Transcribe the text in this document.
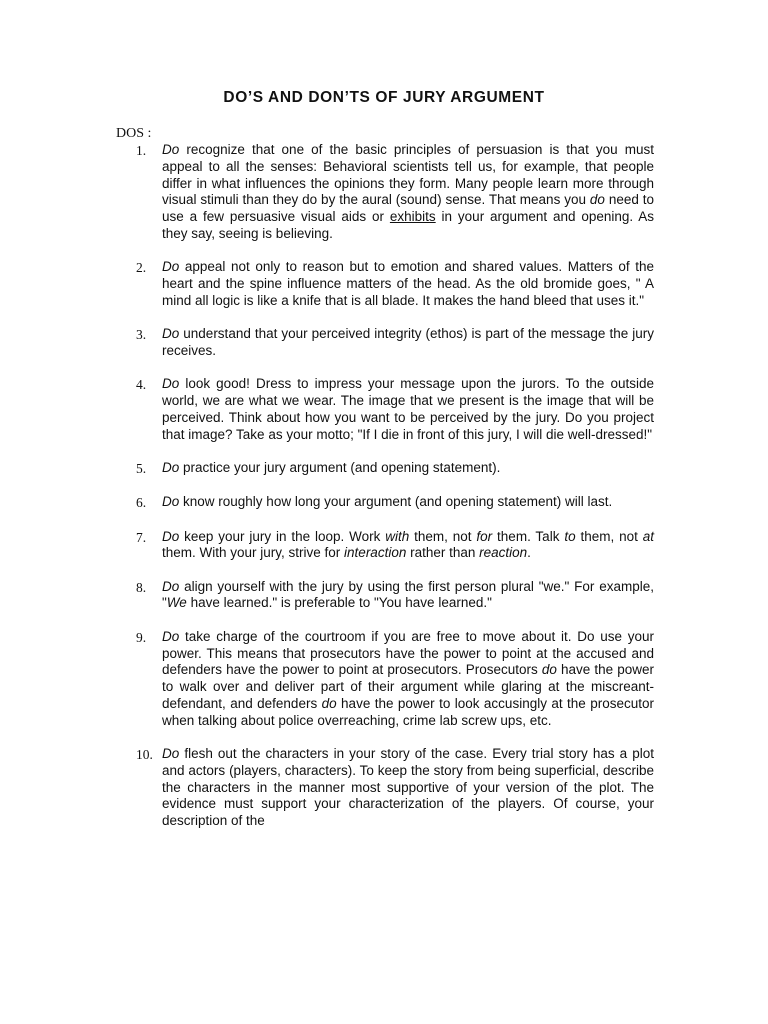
DO’S AND DON’TS OF JURY ARGUMENT
DOS :
1.	Do recognize that one of the basic principles of persuasion is that you must appeal to all the senses: Behavioral scientists tell us, for example, that people differ in what influences the opinions they form. Many people learn more through visual stimuli than they do by the aural (sound) sense. That means you do need to use a few persuasive visual aids or exhibits in your argument and opening. As they say, seeing is believing.
2.	Do appeal not only to reason but to emotion and shared values. Matters of the heart and the spine influence matters of the head. As the old bromide goes, " A mind all logic is like a knife that is all blade. It makes the hand bleed that uses it."
3.	Do understand that your perceived integrity (ethos) is part of the message the jury receives.
4.	Do look good! Dress to impress your message upon the jurors. To the outside world, we are what we wear. The image that we present is the image that will be perceived. Think about how you want to be perceived by the jury. Do you project that image? Take as your motto; "If I die in front of this jury, I will die well-dressed!"
5.	Do practice your jury argument (and opening statement).
6.	Do know roughly how long your argument (and opening statement) will last.
7.	Do keep your jury in the loop. Work with them, not for them. Talk to them, not at them. With your jury, strive for interaction rather than reaction.
8.	Do align yourself with the jury by using the first person plural "we." For example, "We have learned." is preferable to "You have learned."
9.	Do take charge of the courtroom if you are free to move about it. Do use your power. This means that prosecutors have the power to point at the accused and defenders have the power to point at prosecutors. Prosecutors do have the power to walk over and deliver part of their argument while glaring at the miscreant-defendant, and defenders do have the power to look accusingly at the prosecutor when talking about police overreaching, crime lab screw ups, etc.
10. Do flesh out the characters in your story of the case. Every trial story has a plot and actors (players, characters). To keep the story from being superficial, describe the characters in the manner most supportive of your version of the plot. The evidence must support your characterization of the players. Of course, your description of the
